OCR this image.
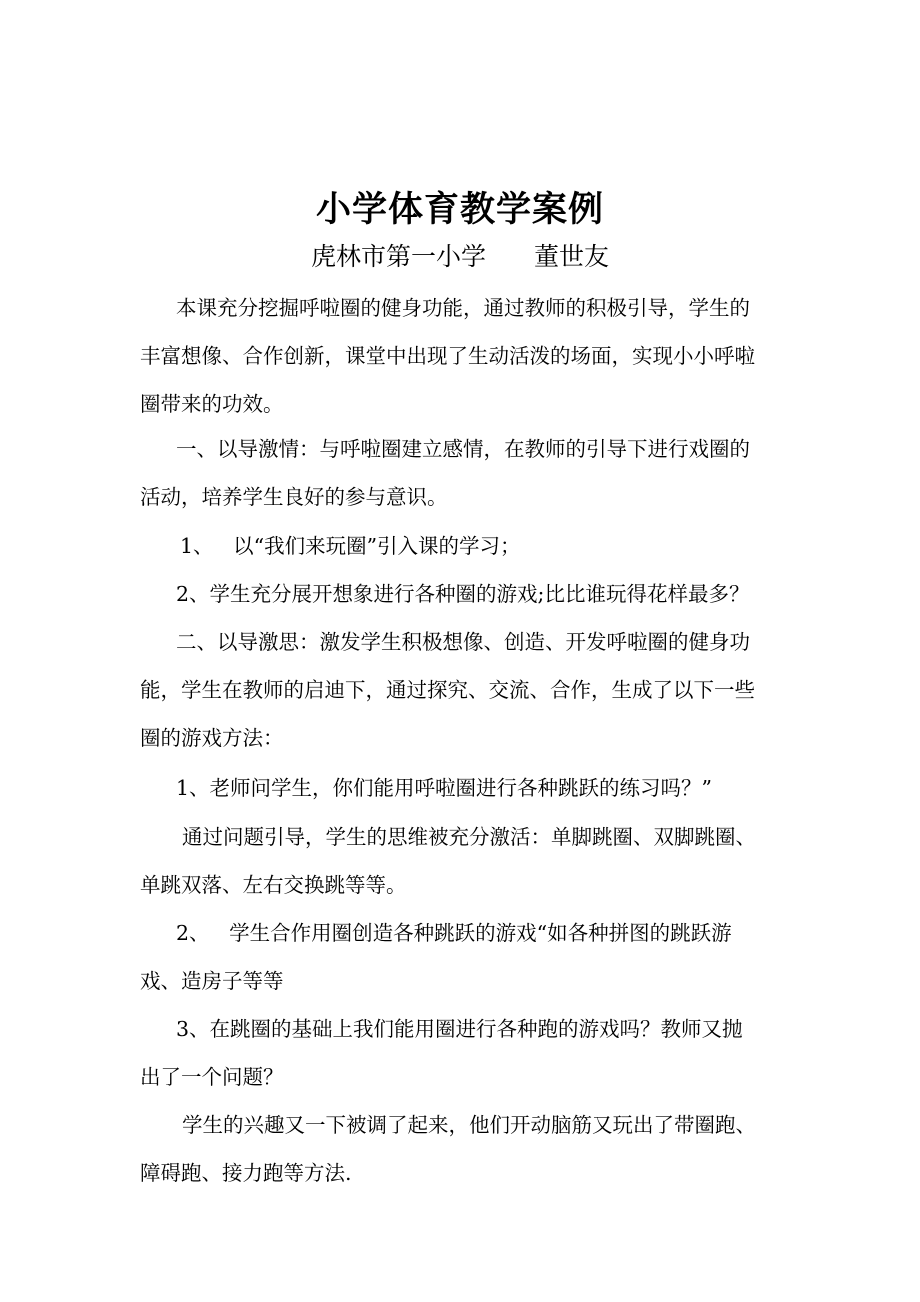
小学体育教学案例
虎林市第一小学 董世友
本课充分挖掘呼啦圈的健身功能，通过教师的积极引导，学生的
丰富想像、合作创新，课堂中出现了生动活泼的场面，实现小小呼啦
圈带来的功效。
一、以导激情：与呼啦圈建立感情，在教师的引导下进行戏圈的
活动，培养学生良好的参与意识。
1、   以“我们来玩圈”引入课的学习；
2、学生充分展开想象进行各种圈的游戏;比比谁玩得花样最多？
二、以导激思：激发学生积极想像、创造、开发呼啦圈的健身功
能，学生在教师的启迪下，通过探究、交流、合作，生成了以下一些
圈的游戏方法：
1、老师问学生，你们能用呼啦圈进行各种跳跃的练习吗？”
通过问题引导，学生的思维被充分激活：单脚跳圈、双脚跳圈、
单跳双落、左右交换跳等等。
2、   学生合作用圈创造各种跳跃的游戏“如各种拼图的跳跃游
戏、造房子等等
3、在跳圈的基础上我们能用圈进行各种跑的游戏吗？教师又抛
出了一个问题？
学生的兴趣又一下被调了起来，他们开动脑筋又玩出了带圈跑、
障碍跑、接力跑等方法.
